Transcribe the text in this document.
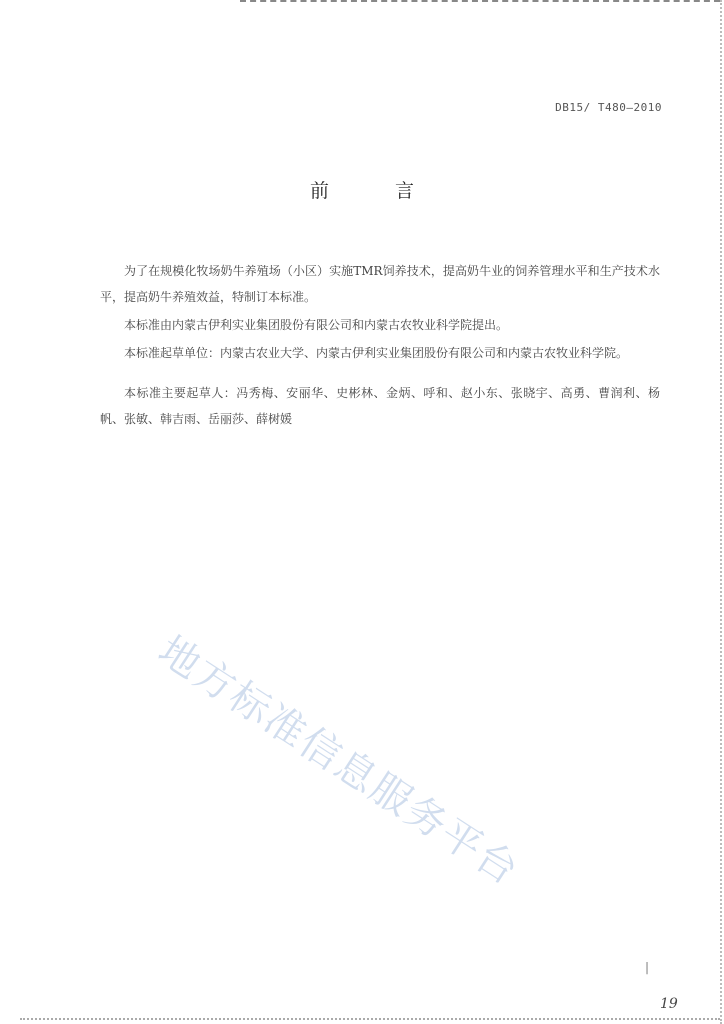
DB15/ T480—2010
前 言

为了在规模化牧场奶牛养殖场（小区）实施TMR饲养技术，提高奶牛业的饲养管理水平和生产技术水平，提高奶牛养殖效益，特制订本标准。

本标准由内蒙古伊利实业集团股份有限公司和内蒙古农牧业科学院提出。

本标准起草单位：内蒙古农业大学、内蒙古伊利实业集团股份有限公司和内蒙古农牧业科学院。

本标准主要起草人：冯秀梅、安丽华、史彬林、金炳、呼和、赵小东、张晓宇、高勇、曹润利、杨帆、张敏、韩吉雨、岳丽莎、薛树媛

地方标准信息服务平台
|
19
